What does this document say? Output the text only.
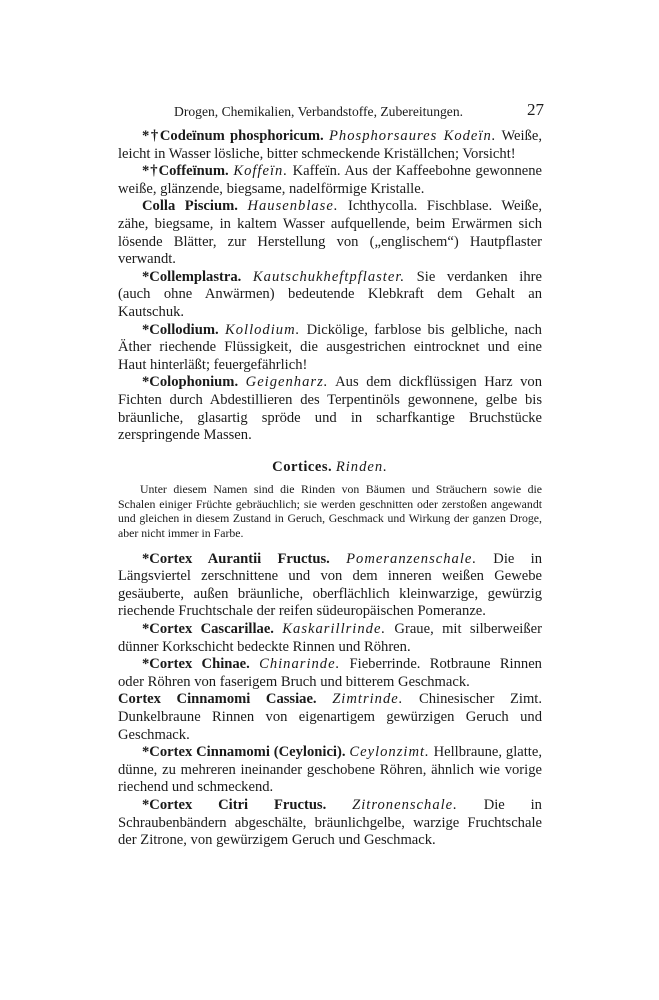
Drogen, Chemikalien, Verbandstoffe, Zubereitungen.	27

*†Codeïnum phosphoricum. Phosphorsaures Kodeïn. Weiße, leicht in Wasser lösliche, bitter schmeckende Kriställchen; Vorsicht!

*†Coffeïnum. Koffeïn. Kaffeïn. Aus der Kaffeebohne gewonnene weiße, glänzende, biegsame, nadelförmige Kristalle.

Colla Piscium. Hausenblase. Ichthycolla. Fischblase. Weiße, zähe, biegsame, in kaltem Wasser aufquellende, beim Erwärmen sich lösende Blätter, zur Herstellung von („englischem“) Hautpflaster verwandt.

*Collemplastra. Kautschukheftpflaster. Sie verdanken ihre (auch ohne Anwärmen) bedeutende Klebkraft dem Gehalt an Kautschuk.

*Collodium. Kollodium. Dickölige, farblose bis gelbliche, nach Äther riechende Flüssigkeit, die ausgestrichen eintrocknet und eine Haut hinterläßt; feuergefährlich!

*Colophonium. Geigenharz. Aus dem dickflüssigen Harz von Fichten durch Abdestillieren des Terpentinöls gewonnene, gelbe bis bräunliche, glasartig spröde und in scharfkantige Bruchstücke zerspringende Massen.

Cortices. Rinden.

Unter diesem Namen sind die Rinden von Bäumen und Sträuchern sowie die Schalen einiger Früchte gebräuchlich; sie werden geschnitten oder zerstoßen angewandt und gleichen in diesem Zustand in Geruch, Geschmack und Wirkung der ganzen Droge, aber nicht immer in Farbe.

*Cortex Aurantii Fructus. Pomeranzenschale. Die in Längsviertel zerschnittene und von dem inneren weißen Gewebe gesäuberte, außen bräunliche, oberflächlich kleinwarzige, gewürzig riechende Fruchtschale der reifen südeuropäischen Pomeranze.

*Cortex Cascarillae. Kaskarillrinde. Graue, mit silberweißer dünner Korkschicht bedeckte Rinnen und Röhren.

*Cortex Chinae. Chinarinde. Fieberrinde. Rotbraune Rinnen oder Röhren von faserigem Bruch und bitterem Geschmack.

Cortex Cinnamomi Cassiae. Zimtrinde. Chinesischer Zimt. Dunkelbraune Rinnen von eigenartigem gewürzigen Geruch und Geschmack.

*Cortex Cinnamomi (Ceylonici). Ceylonzimt. Hellbraune, glatte, dünne, zu mehreren ineinander geschobene Röhren, ähnlich wie vorige riechend und schmeckend.

*Cortex Citri Fructus. Zitronenschale. Die in Schraubenbändern abgeschälte, bräunlichgelbe, warzige Fruchtschale der Zitrone, von gewürzigem Geruch und Geschmack.
